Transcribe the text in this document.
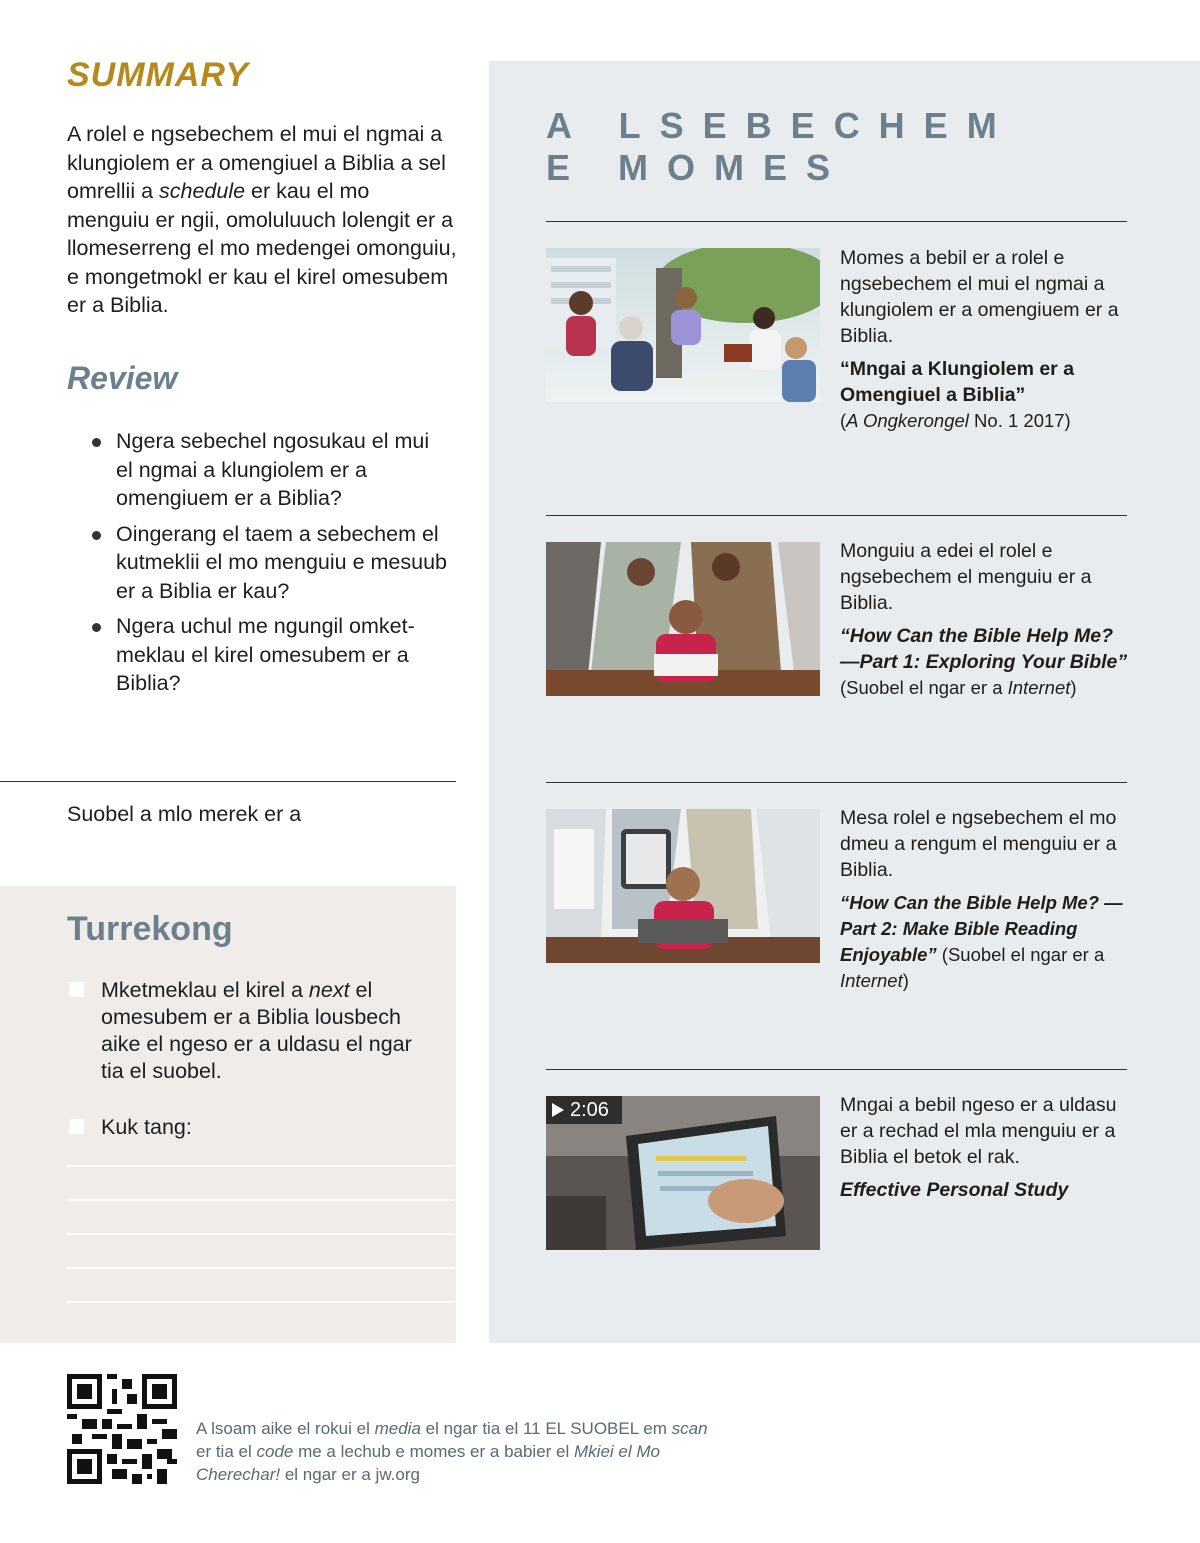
SUMMARY

A rolel e ngsebechem el mui el ngmai a klungiolem er a omengiuel a Biblia a sel omrellii a schedule er kau el mo menguiu er ngii, omoluluuch lolengit er a llomeserreng el mo medengei omonguiu, e mongetmokl er kau el kirel omesubem er a Biblia.

Review
Ngera sebechel ngosukau el mui el ngmai a klungiolem er a omengiuem er a Biblia?
Oingerang el taem a sebechem el kutmeklii el mo menguiu e mesuub er a Biblia er kau?
Ngera uchul me ngungil omketmeklau el kirel omesubem er a Biblia?

Suobel a mlo merek er a

Turrekong
Mketmeklau el kirel a next el omesubem er a Biblia lousbech aike el ngeso er a uldasu el ngar tia el suobel.
Kuk tang:
A LSEBECHEM
E MOMES

Momes a bebil er a rolel e ngsebechem el mui el ngmai a klungiolem er a omengiuem er a Biblia.

“Mngai a Klungiolem er a Omengiuel a Biblia”

(A Ongkerongel No. 1 2017)

Monguiu a edei el rolel e ngsebechem el menguiu er a Biblia.

“How Can the Bible Help Me? —Part 1: Exploring Your Bible”

(Suobel el ngar er a Internet)

Mesa rolel e ngsebechem el mo dmeu a rengum el menguiu er a Biblia.

“How Can the Bible Help Me? —Part 2: Make Bible Reading Enjoyable” (Suobel el ngar er a Internet)

2:06	Mngai a bebil ngeso er a uldasu er a rechad el mla menguiu er a Biblia el betok el rak.

Effective Personal Study

A lsoam aike el rokui el media el ngar tia el 11 EL SUOBEL em scan er tia el code me a lechub e momes er a babier el Mkiei el Mo Cherechar! el ngar er a jw.org
